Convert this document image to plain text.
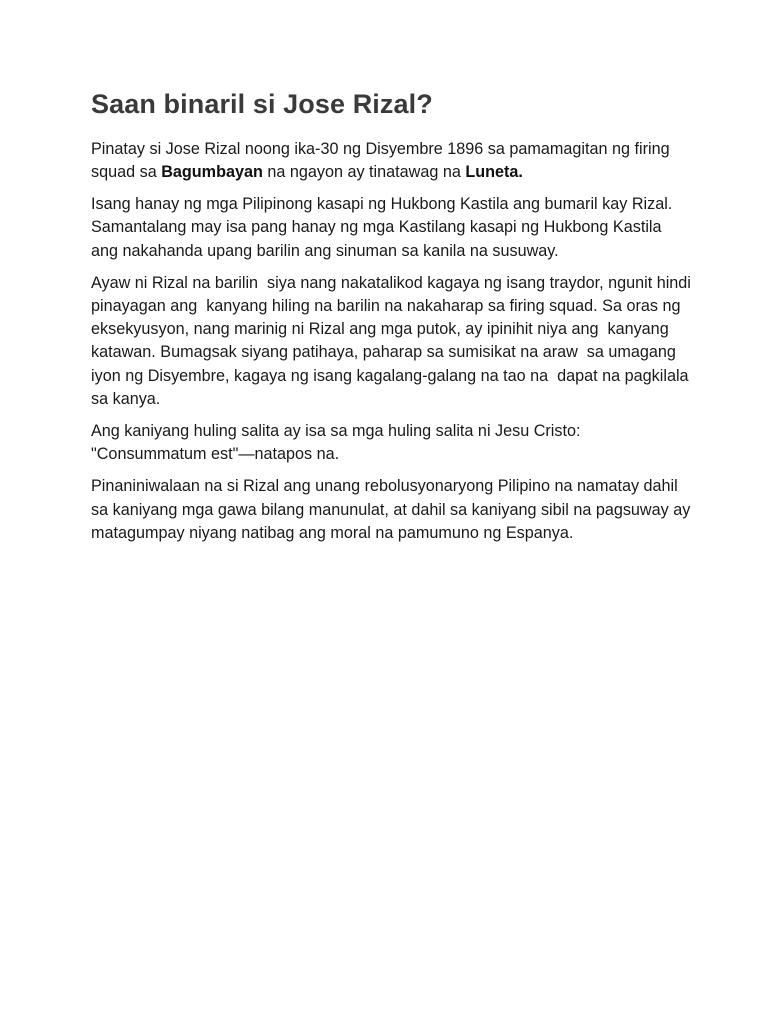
Saan binaril si Jose Rizal?

Pinatay si Jose Rizal noong ika-30 ng Disyembre 1896 sa pamamagitan ng firing squad sa Bagumbayan na ngayon ay tinatawag na Luneta.

Isang hanay ng mga Pilipinong kasapi ng Hukbong Kastila ang bumaril kay Rizal. Samantalang may isa pang hanay ng mga Kastilang kasapi ng Hukbong Kastila ang nakahanda upang barilin ang sinuman sa kanila na susuway.

Ayaw ni Rizal na barilin  siya nang nakatalikod kagaya ng isang traydor, ngunit hindi pinayagan ang  kanyang hiling na barilin na nakaharap sa firing squad. Sa oras ng  eksekyusyon, nang marinig ni Rizal ang mga putok, ay ipinihit niya ang  kanyang katawan. Bumagsak siyang patihaya, paharap sa sumisikat na araw  sa umagang iyon ng Disyembre, kagaya ng isang kagalang-galang na tao na  dapat na pagkilala sa kanya.

Ang kaniyang huling salita ay isa sa mga huling salita ni Jesu Cristo: "Consummatum est"—natapos na.

Pinaniniwalaan na si Rizal ang unang rebolusyonaryong Pilipino na namatay dahil sa kaniyang mga gawa bilang manunulat, at dahil sa kaniyang sibil na pagsuway ay matagumpay niyang natibag ang moral na pamumuno ng Espanya.
